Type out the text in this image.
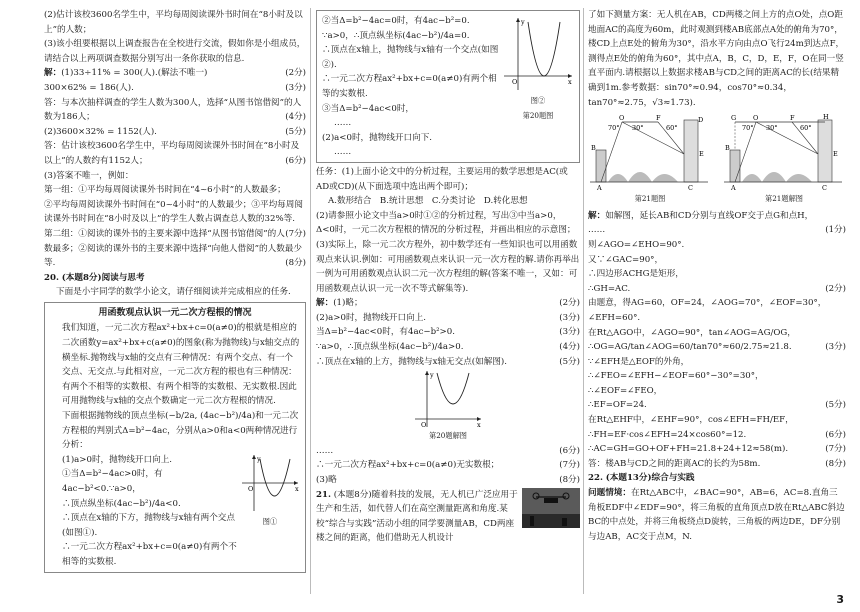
(2)估计该校3600名学生中，平均每周阅读课外书时间在“8小时及以上”的人数；

(3)该小组要根据以上调查报告在全校进行交流，假如你是小组成员，请结合以上两项调查数据分别写出一条你获取的信息.

解：(1)33÷11% = 300(人).(解法不唯一)	(2分)
300×62% = 186(人).	(3分)
答：与本次抽样调查的学生人数为300人，选择“从图书馆借阅”的人数为186人；	(4分)
(2)3600×32% = 1152(人).	(5分)
答：估计该校3600名学生中，平均每周阅读课外书时间在“8小时及以上”的人数约有1152人；	(6分)
(3)答案不唯一，例如：
第一组：①平均每周阅读课外书时间在“4~6小时”的人数最多；
②平均每周阅读课外书时间在“0~4小时”的人数最少；③平均每周阅读课外书时间在“8小时及以上”的学生人数占调查总人数的32%等.
(7分)
第二组：①阅读的课外书的主要来源中选择“从图书馆借阅”的人数最多；②阅读的课外书的主要来源中选择“向他人借阅”的人数最少等.	(8分)
20. (本题8分)阅读与思考

下面是小宇同学的数学小论文，请仔细阅读并完成相应的任务.

用函数观点认识一元二次方程根的情况

我们知道，一元二次方程ax²+bx+c=0(a≠0)的根就是相应的二次函数y=ax²+bx+c(a≠0)的图象(称为抛物线)与x轴交点的横坐标.抛物线与x轴的交点有三种情况：有两个交点、有一个交点、无交点.与此相对应，一元二次方程的根也有三种情况：有两个不相等的实数根、有两个相等的实数根、无实数根.因此可用抛物线与x轴的交点个数确定一元二次方程根的情况.

下面根据抛物线的顶点坐标(−b/2a, (4ac−b²)/4a)和一元二次方程根的判别式Δ=b²−4ac，分别从a>0和a<0两种情况进行分析：

(1)a>0时，抛物线开口向上.

①当Δ=b²−4ac>0时，有4ac−b²<0.∵a>0，

∴顶点纵坐标(4ac−b²)/4a<0.

∴顶点在x轴的下方，抛物线与x轴有两个交点(如图①).

∴一元二次方程ax²+bx+c=0(a≠0)有两个不相等的实数根.

O	x
y
图①

②当Δ=b²−4ac=0时，有4ac−b²=0.

∵a>0，∴顶点纵坐标(4ac−b²)/4a=0.

∴顶点在x轴上，抛物线与x轴有一个交点(如图②).

∴一元二次方程ax²+bx+c=0(a≠0)有两个相等的实数根.

③当Δ=b²−4ac<0时，

……

(2)a<0时，抛物线开口向下.

……

O	x
y
图②
第20题图

任务：(1)上面小论文中的分析过程，主要运用的数学思想是AC(或AD或CD)(从下面选项中选出两个即可)；

A.数形结合　B.统计思想　C.分类讨论　D.转化思想

(2)请参照小论文中当a>0时①②的分析过程，写出③中当a>0，Δ<0时，一元二次方程根的情况的分析过程，并画出相应的示意图；

(3)实际上，除一元二次方程外，初中数学还有一些知识也可以用函数观点来认识.例如：可用函数观点来认识一元一次方程的解.请你再举出一例为可用函数观点认识二元一次方程组的解(答案不唯一，又如：可用函数观点认识一元一次不等式解集等).

解：(1)略；	(2分)
(2)a>0时，抛物线开口向上.	(3分)
当Δ=b²−4ac<0时，有4ac−b²>0.	(3分)
∵a>0，∴顶点纵坐标(4ac−b²)/4a>0.	(4分)
∴顶点在x轴的上方，抛物线与x轴无交点(如解图).	(5分)
O	x
y
第20题解图
……	(6分)
∴一元二次方程ax²+bx+c=0(a≠0)无实数根；	(7分)
(3)略	(8分)

21. (本题8分)随着科技的发展，无人机已广泛应用于生产和生活，如代替人们在高空测量距离和角度.某校“综合与实践”活动小组的同学要测量AB，CD两座楼之间的距离，他们借助无人机设计

了如下测量方案：无人机在AB，CD两楼之间上方的点O处，点O距地面AC的高度为60m，此时观测到楼AB底部点A处的俯角为70°，楼CD上点E处的俯角为30°，沿水平方向由点O飞行24m到达点F，测得点E处的俯角为60°，其中点A，B，C，D，E，F，O在同一竖直平面内.请根据以上数据求楼AB与CD之间的距离AC的长(结果精确到1m.参考数据：sin70°≈0.94，cos70°≈0.34，tan70°≈2.75，√3≈1.73).

O	F
70° 30°	60°
D
E
B
A	C
第21题图
G	O	F	H
70° 30°	60°
E
B
A	C
第21题解图
解：如解图，延长AB和CD分别与直线OF交于点G和点H，
……	(1分)
则∠AGO=∠EHO=90°.
又∵∠GAC=90°，
∴四边形ACHG是矩形，
∴GH=AC.	(2分)
由题意，得AG=60，OF=24，∠AOG=70°，∠EOF=30°，∠EFH=60°.
在Rt△AGO中，∠AGO=90°，tan∠AOG=AG/OG，
∴OG=AG/tan∠AOG=60/tan70°≈60/2.75≈21.8.	(3分)
∵∠EFH是△EOF的外角，
∴∠FEO=∠EFH−∠EOF=60°−30°=30°，
∴∠EOF=∠FEO，
∴EF=OF=24.	(5分)
在Rt△EHF中，∠EHF=90°，cos∠EFH=FH/EF，
∴FH=EF·cos∠EFH=24×cos60°=12.	(6分)
∴AC=GH=GO+OF+FH=21.8+24+12≈58(m).	(7分)
答：楼AB与CD之间的距离AC的长约为58m.	(8分)
22. (本题13分)综合与实践

问题情境：在Rt△ABC中，∠BAC=90°，AB=6，AC=8.直角三角板EDF中∠EDF=90°，将三角板的直角顶点D放在Rt△ABC斜边BC的中点处，并将三角板绕点D旋转，三角板的两边DE，DF分别与边AB，AC交于点M，N.

3
